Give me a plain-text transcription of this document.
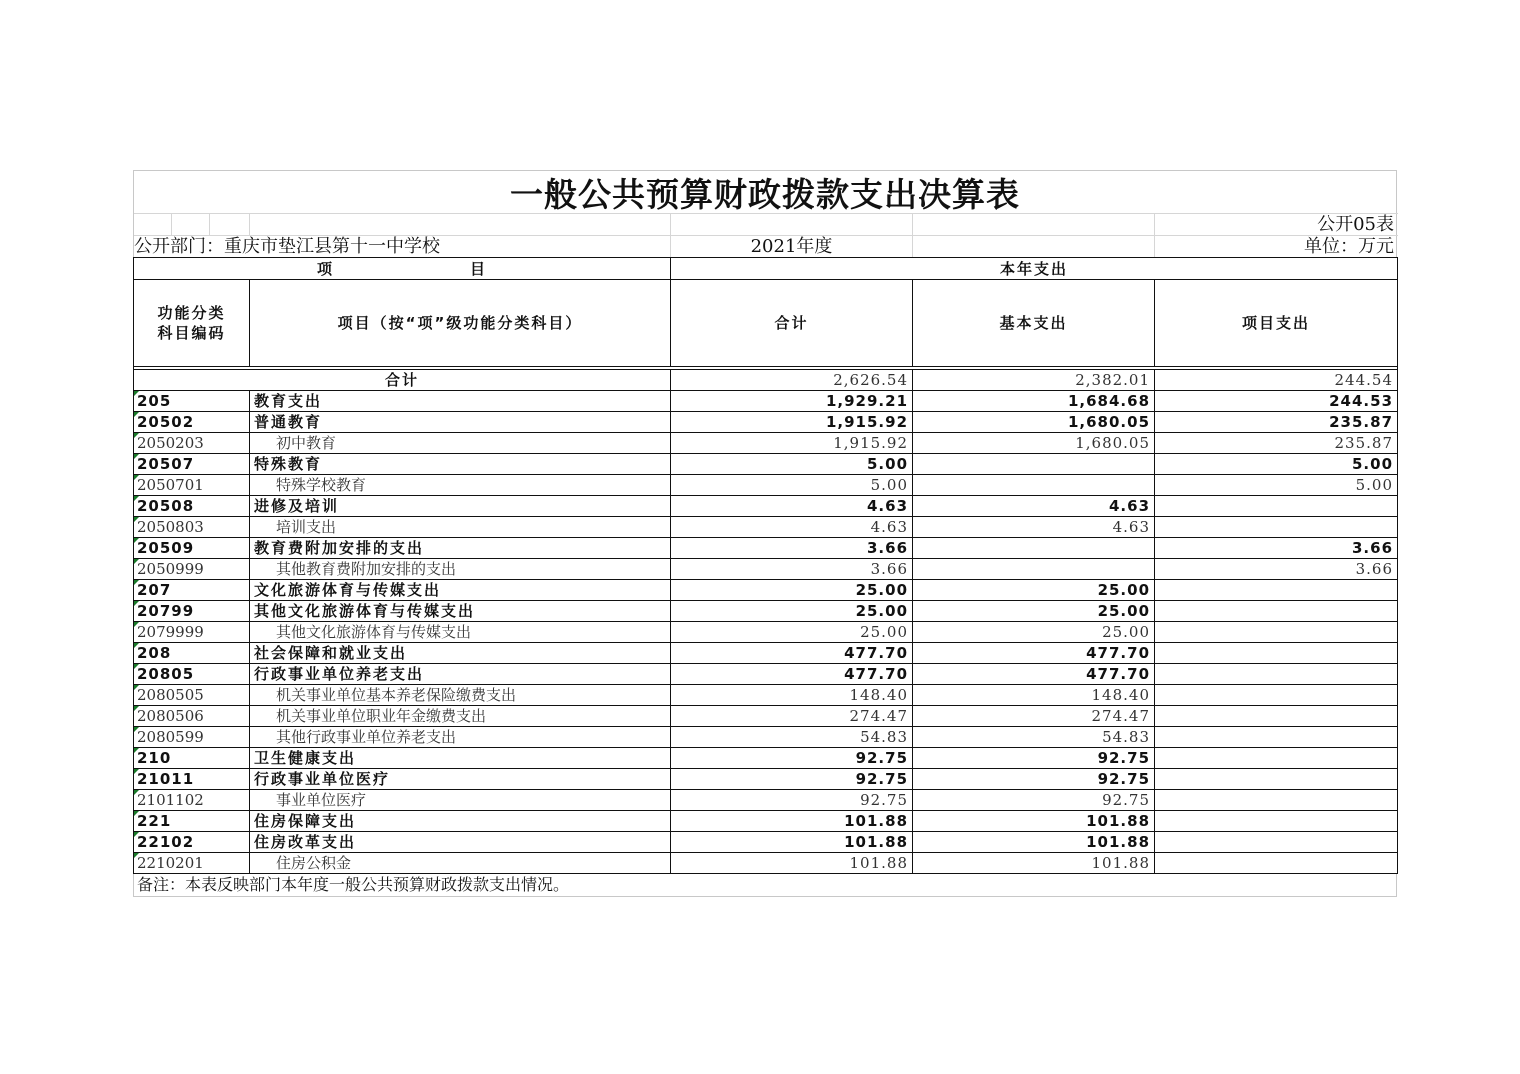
一般公共预算财政拨款支出决算表
公开05表
公开部门：重庆市垫江县第十一中学校	2021年度	单位：万元
项　　　　　　　　目		本年支出		
功能分类
科目编码	项目（按“项”级功能分类科目）	合计	基本支出	项目支出

合计		2,626.54	2,382.01	244.54
205	教育支出	1,929.21	1,684.68	244.53
20502	普通教育	1,915.92	1,680.05	235.87
2050203	初中教育	1,915.92	1,680.05	235.87
20507	特殊教育	5.00		5.00
2050701	特殊学校教育	5.00		5.00
20508	进修及培训	4.63	4.63	
2050803	培训支出	4.63	4.63	
20509	教育费附加安排的支出	3.66		3.66
2050999	其他教育费附加安排的支出	3.66		3.66
207	文化旅游体育与传媒支出	25.00	25.00	
20799	其他文化旅游体育与传媒支出	25.00	25.00	
2079999	其他文化旅游体育与传媒支出	25.00	25.00	
208	社会保障和就业支出	477.70	477.70	
20805	行政事业单位养老支出	477.70	477.70	
2080505	机关事业单位基本养老保险缴费支出	148.40	148.40	
2080506	机关事业单位职业年金缴费支出	274.47	274.47	
2080599	其他行政事业单位养老支出	54.83	54.83	
210	卫生健康支出	92.75	92.75	
21011	行政事业单位医疗	92.75	92.75	
2101102	事业单位医疗	92.75	92.75	
221	住房保障支出	101.88	101.88	
22102	住房改革支出	101.88	101.88	
2210201	住房公积金	101.88	101.88	
备注：本表反映部门本年度一般公共预算财政拨款支出情况。
